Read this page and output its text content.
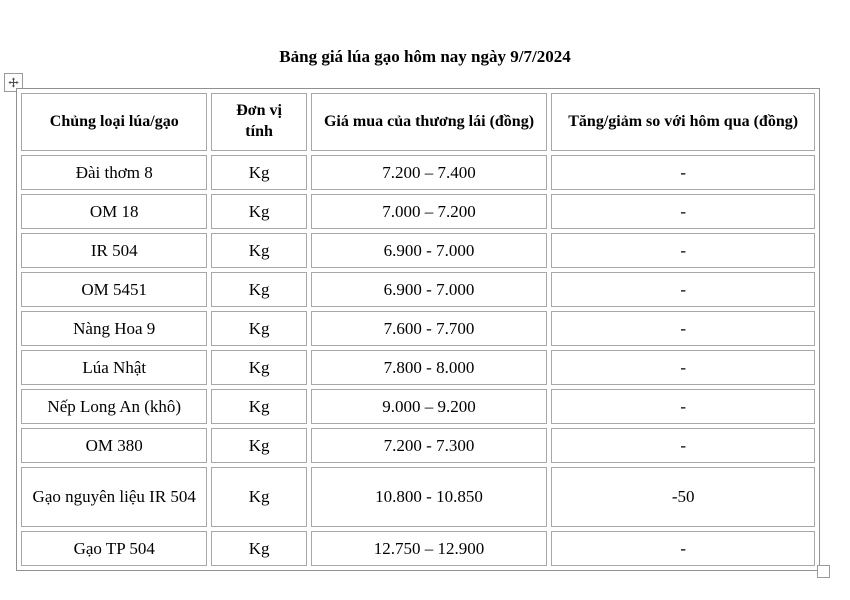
Bảng giá lúa gạo hôm nay ngày 9/7/2024
Chủng loại lúa/gạo	Đơn vị tính	Giá mua của thương lái (đồng)	Tăng/giảm so với hôm qua (đồng)
Đài thơm 8	Kg	7.200 – 7.400	-
OM 18	Kg	7.000 – 7.200	-
IR 504	Kg	6.900 - 7.000	-
OM 5451	Kg	6.900 - 7.000	-
Nàng Hoa 9	Kg	7.600 - 7.700	-
Lúa Nhật	Kg	7.800 - 8.000	-
Nếp Long An (khô)	Kg	9.000 – 9.200	-
OM 380	Kg	7.200 - 7.300	-
Gạo nguyên liệu IR 504	Kg	10.800 - 10.850	-50
Gạo TP 504	Kg	12.750 – 12.900	-
